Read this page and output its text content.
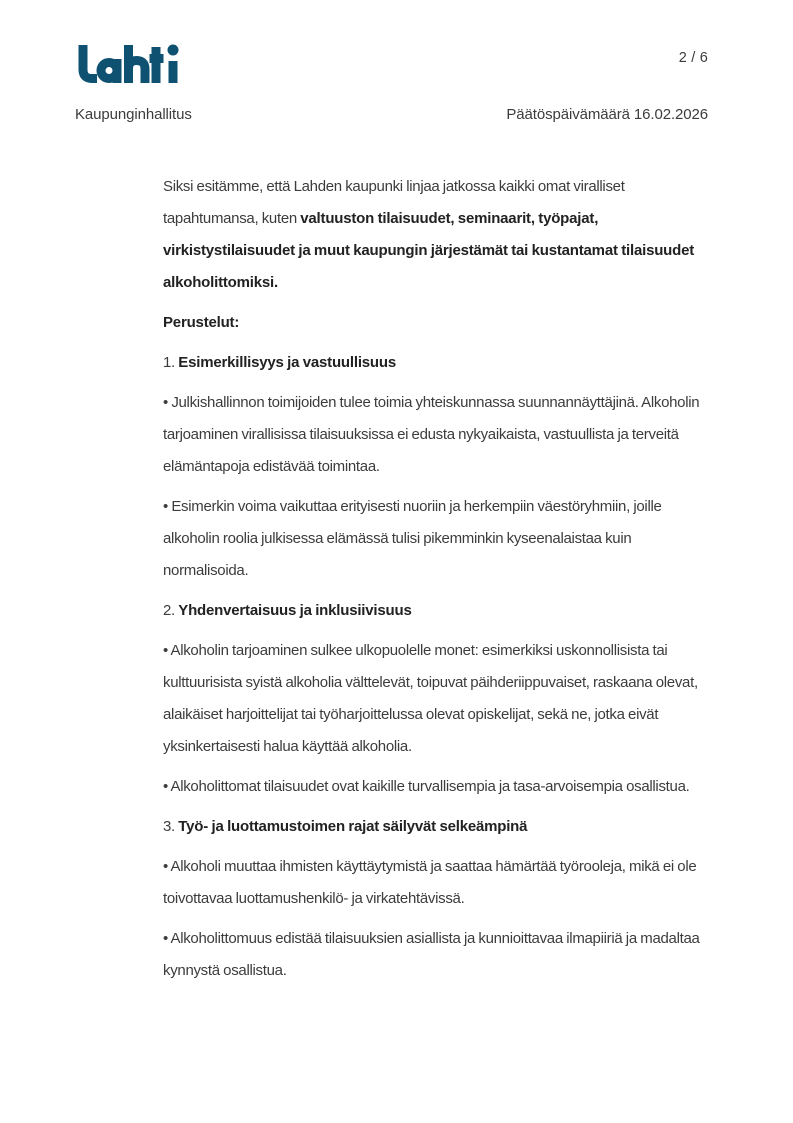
2 / 6
Kaupunginhallitus	Päätöspäivämäärä 16.02.2026

Siksi esitämme, että Lahden kaupunki linjaa jatkossa kaikki omat viralliset tapahtumansa, kuten valtuuston tilaisuudet, seminaarit, työpajat, virkistystilaisuudet ja muut kaupungin järjestämät tai kustantamat tilaisuudet alkoholittomiksi.

Perustelut:

1. Esimerkillisyys ja vastuullisuus

• Julkishallinnon toimijoiden tulee toimia yhteiskunnassa suunnannäyttäjinä. Alkoholin tarjoaminen virallisissa tilaisuuksissa ei edusta nykyaikaista, vastuullista ja terveitä elämäntapoja edistävää toimintaa.

• Esimerkin voima vaikuttaa erityisesti nuoriin ja herkempiin väestöryhmiin, joille alkoholin roolia julkisessa elämässä tulisi pikemminkin kyseenalaistaa kuin normalisoida.

2. Yhdenvertaisuus ja inklusiivisuus

• Alkoholin tarjoaminen sulkee ulkopuolelle monet: esimerkiksi uskonnollisista tai kulttuurisista syistä alkoholia välttelevät, toipuvat päihderiippuvaiset, raskaana olevat, alaikäiset harjoittelijat tai työharjoittelussa olevat opiskelijat, sekä ne, jotka eivät yksinkertaisesti halua käyttää alkoholia.

• Alkoholittomat tilaisuudet ovat kaikille turvallisempia ja tasa-arvoisempia osallistua.

3. Työ- ja luottamustoimen rajat säilyvät selkeämpinä

• Alkoholi muuttaa ihmisten käyttäytymistä ja saattaa hämärtää työrooleja, mikä ei ole toivottavaa luottamushenkilö- ja virkatehtävissä.

• Alkoholittomuus edistää tilaisuuksien asiallista ja kunnioittavaa ilmapiiriä ja madaltaa kynnystä osallistua.
